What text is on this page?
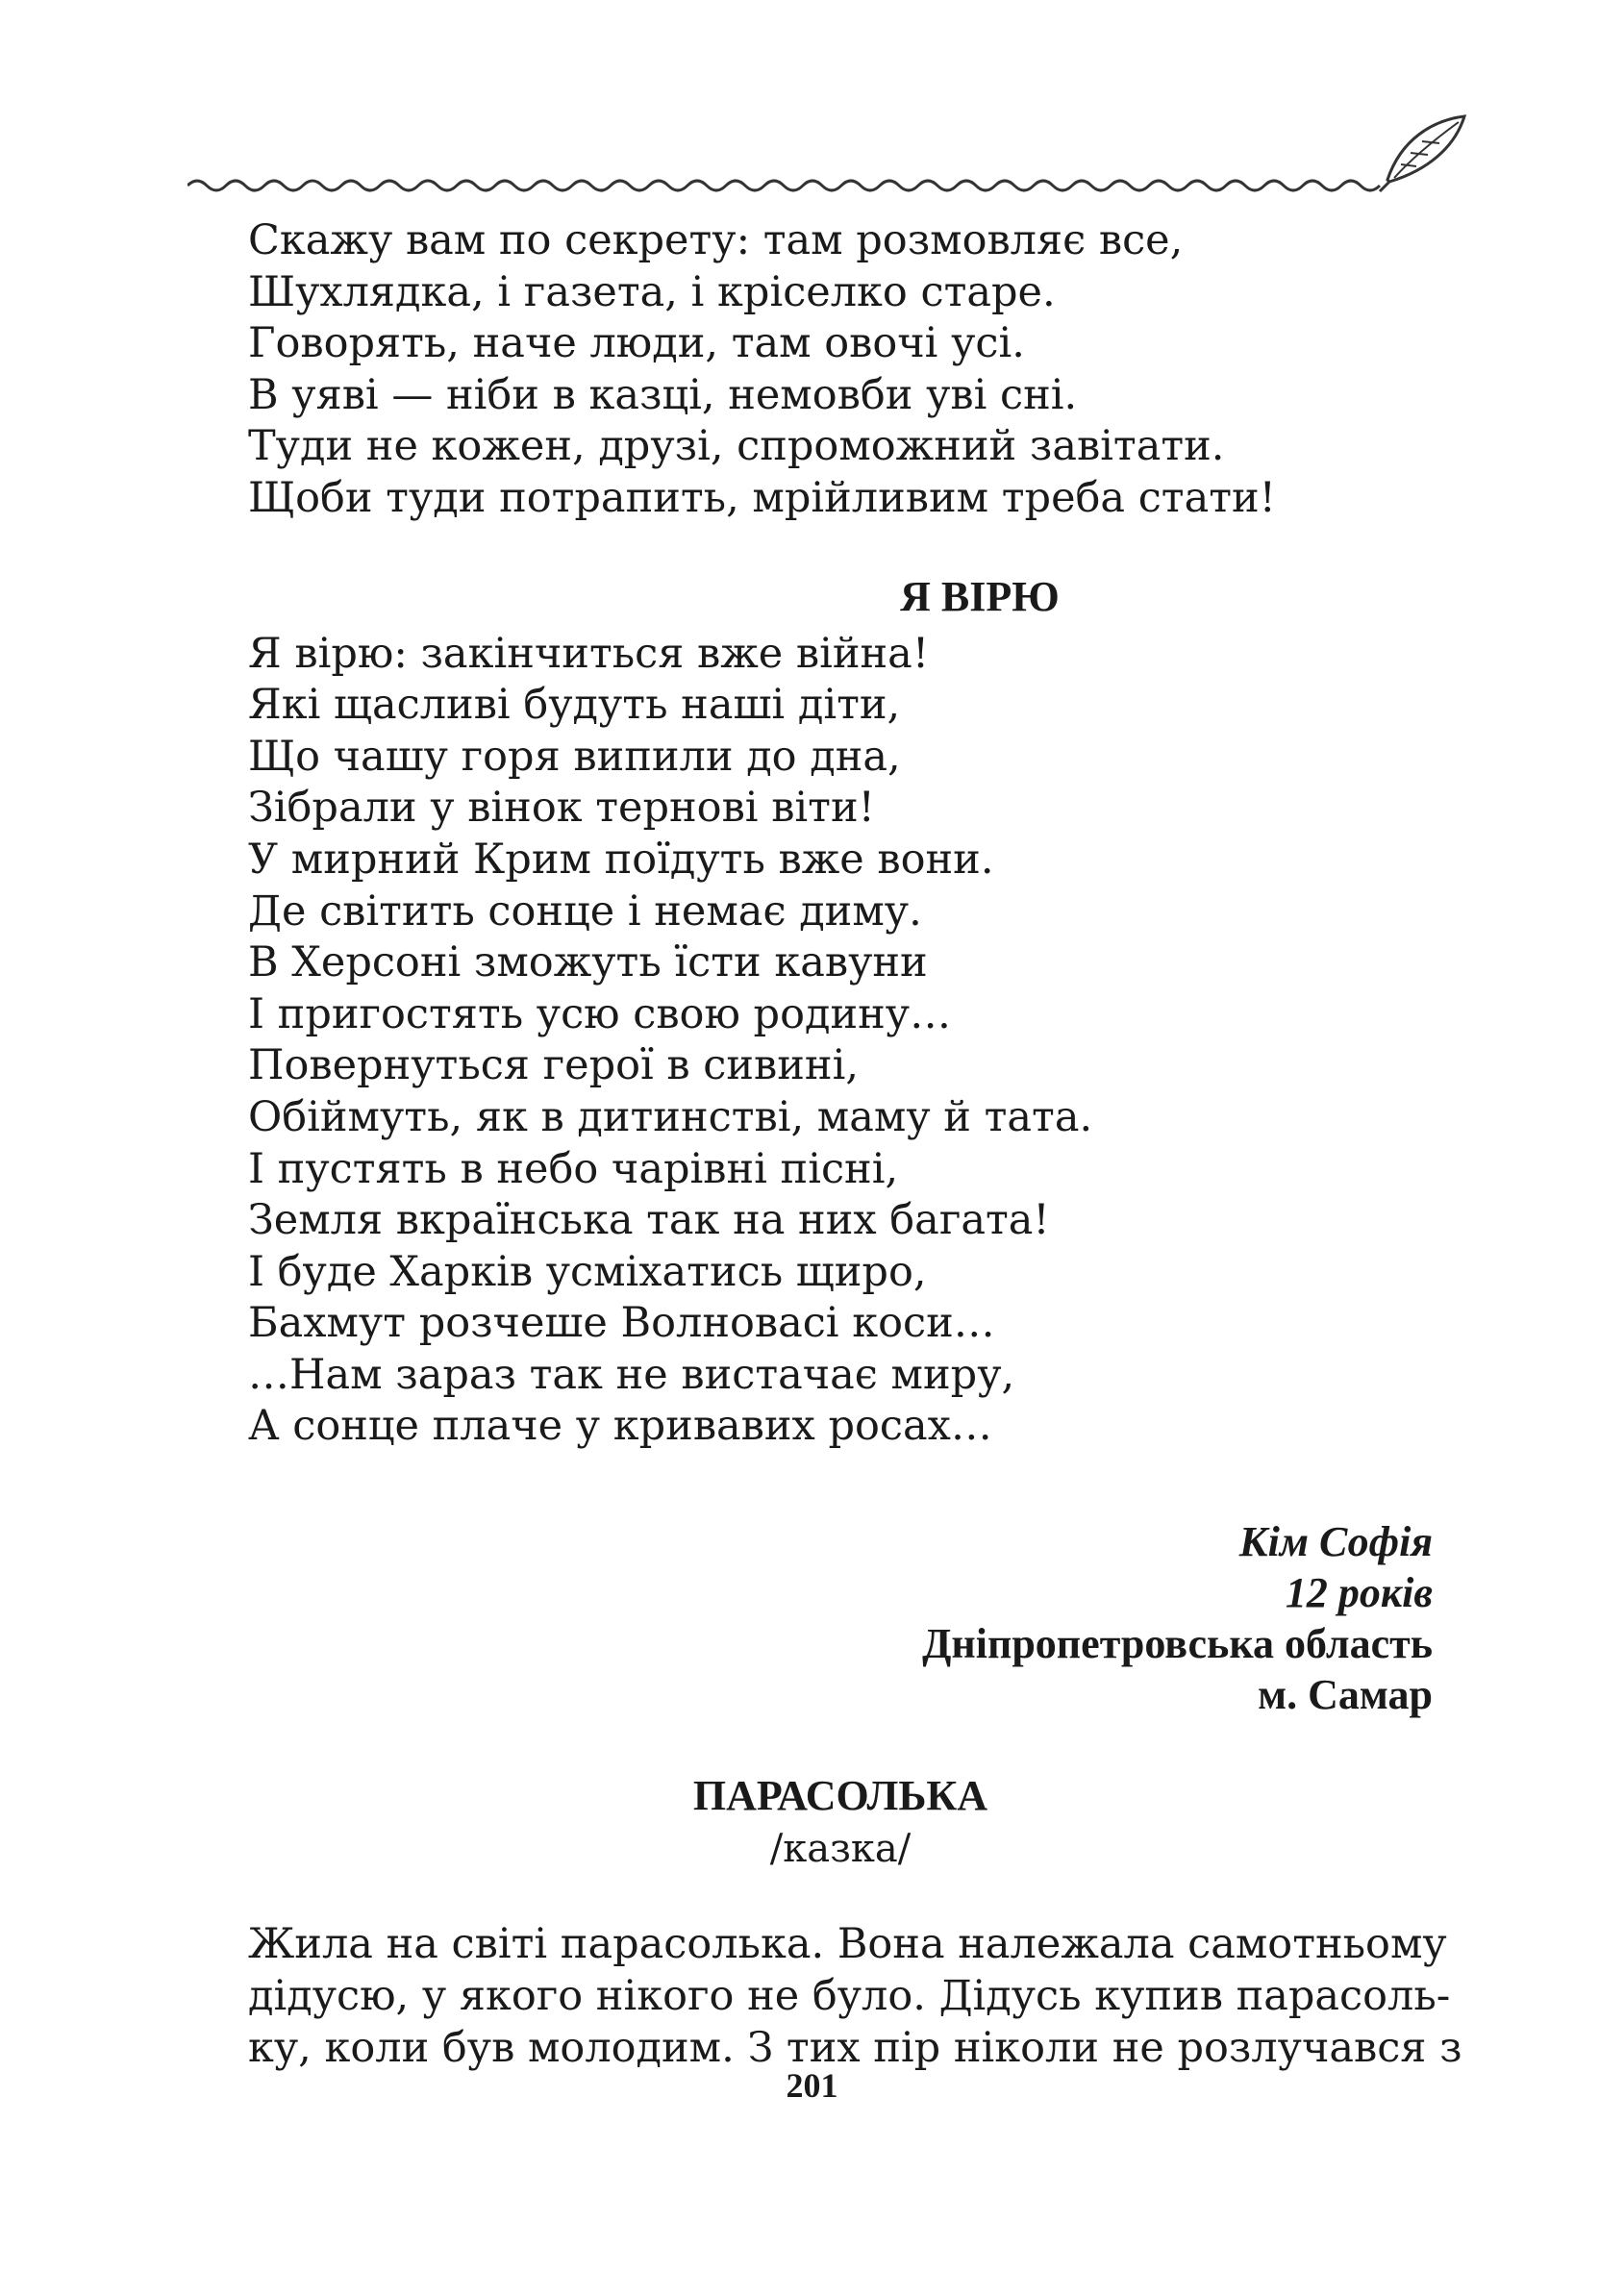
Скажу вам по секрету: там розмовляє все,
Шухлядка, і газета, і кріселко старе.
Говорять, наче люди, там овочі усі.
В уяві — ніби в казці, немовби уві сні.
Туди не кожен, друзі, спроможний завітати.
Щоби туди потрапить, мрійливим треба стати!
Я ВІРЮ
Я вірю: закінчиться вже війна!
Які щасливі будуть наші діти,
Що чашу горя випили до дна,
Зібрали у вінок тернові віти!
У мирний Крим поїдуть вже вони.
Де світить сонце і немає диму.
В Херсоні зможуть їсти кавуни
І пригостять усю свою родину…
Повернуться герої в сивині,
Обіймуть, як в дитинстві, маму й тата.
І пустять в небо чарівні пісні,
Земля вкраїнська так на них багата!
І буде Харків усміхатись щиро,
Бахмут розчеше Волновасі коси…
…Нам зараз так не вистачає миру,
А сонце плаче у кривавих росах…
Кім Софія
12 років
Дніпропетровська область
м. Самар
ПАРАСОЛЬКА
/казка/
Жила на світі парасолька. Вона належала самотньому
дідусю, у якого нікого не було. Дідусь купив парасоль-
ку, коли був молодим. З тих пір ніколи не розлучався з
201
